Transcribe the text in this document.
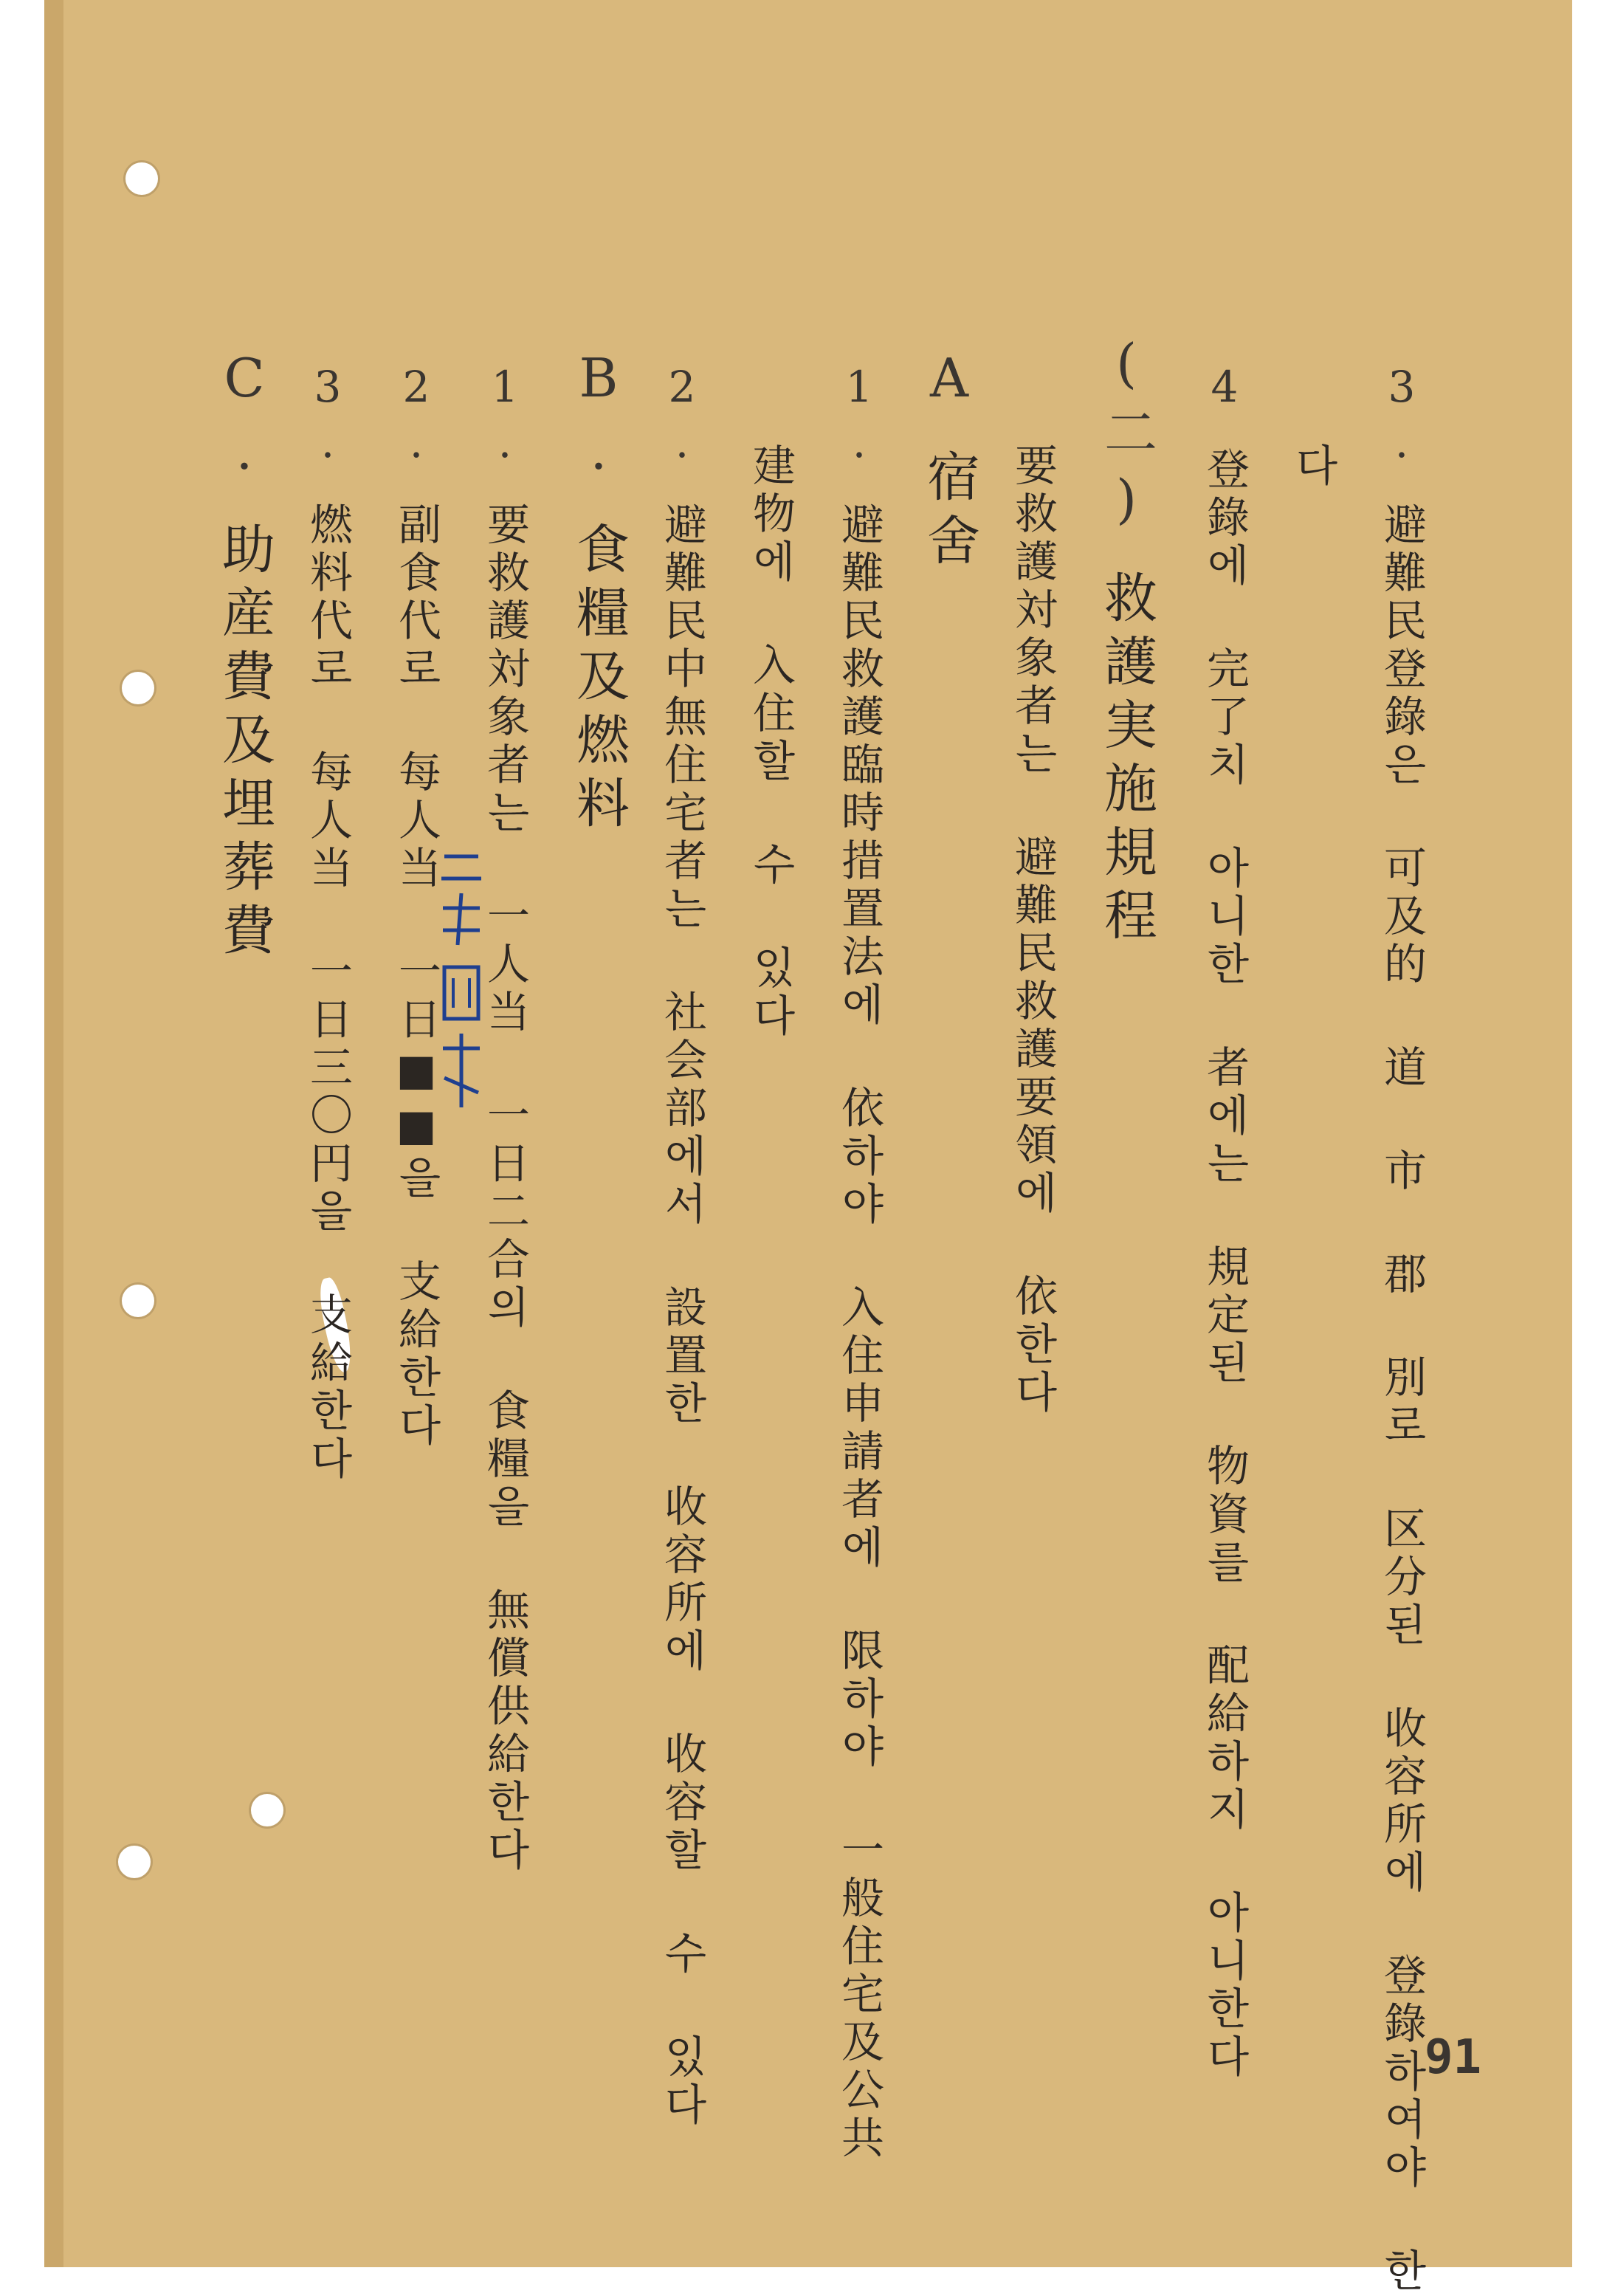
3.避難民登錄은 可及的 道 市 郡 別로 区分된 收容所에 登錄하여야 한
다
4登錄에 完了치 아니한 者에는 規定된 物資를 配給하지 아니한다
(二)救護実施規程
要救護対象者는 避難民救護要領에 依한다
A宿舍
1.避難民救護臨時措置法에 依하야 入住申請者에 限하야 一般住宅及公共
建物에 入住할 수 있다
2.避難民中無住宅者는 社会部에서 設置한 收容所에 收容할 수 있다
B.食糧及燃料
1.要救護対象者는 一人当 一日二合의 食糧을 無償供給한다
2.副食代로 每人当 一日■■을 支給한다
3.燃料代로 每人当 一日三〇円을 支給한다
C.助産費及埋葬費
91
